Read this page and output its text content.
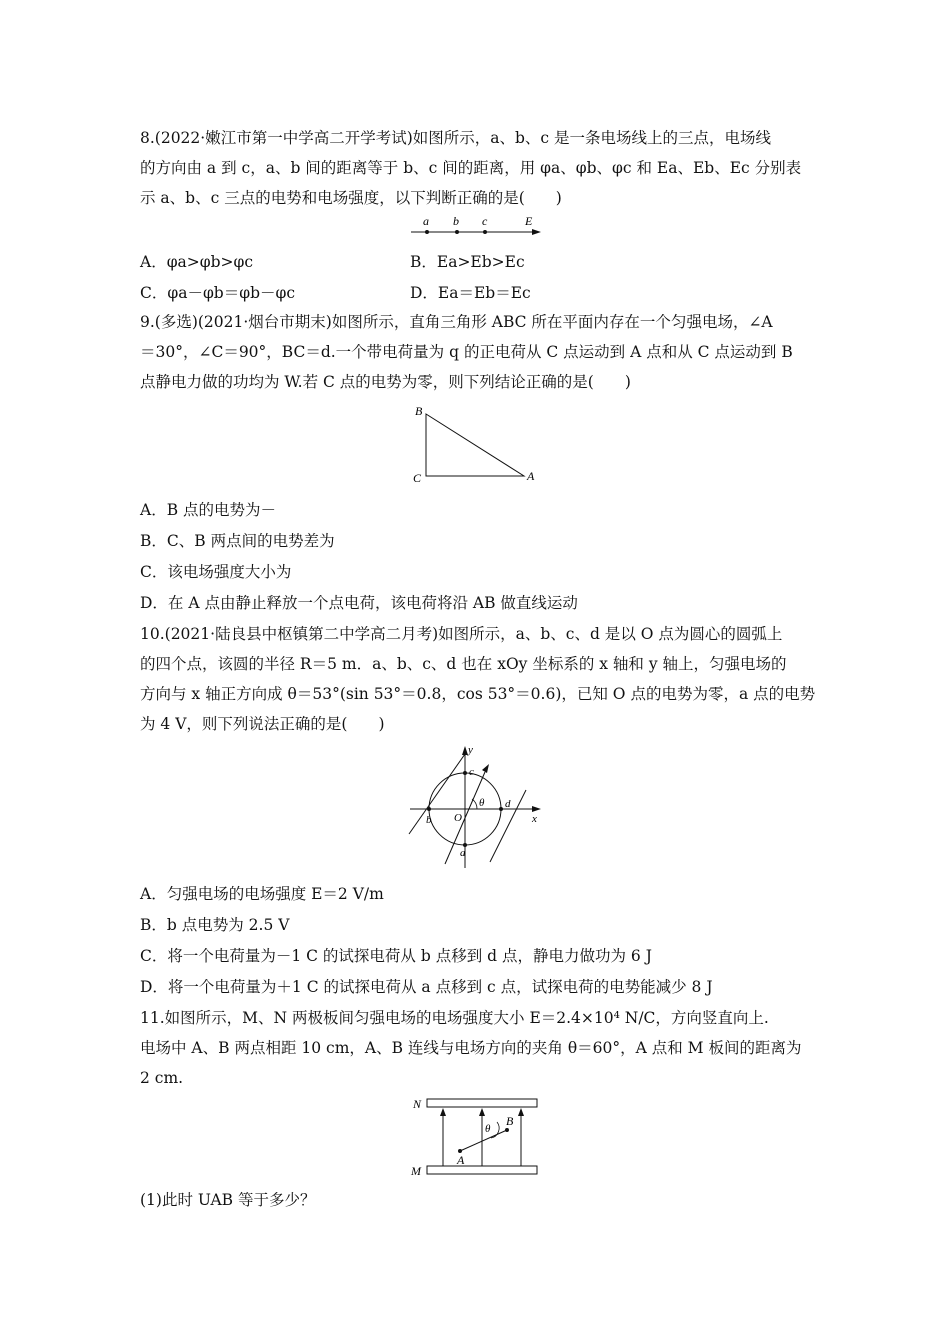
8.(2022·嫩江市第一中学高二开学考试)如图所示，a、b、c 是一条电场线上的三点，电场线
的方向由 a 到 c，a、b 间的距离等于 b、c 间的距离，用 φa、φb、φc 和 Ea、Eb、Ec 分别表
示 a、b、c 三点的电势和电场强度，以下判断正确的是(　　)
a b c	E
A．φa>φb>φc	B．Ea>Eb>Ec
C．φa－φb＝φb－φc	D．Ea＝Eb＝Ec
9.(多选)(2021·烟台市期末)如图所示，直角三角形 ABC 所在平面内存在一个匀强电场，∠A
＝30°，∠C＝90°，BC＝d.一个带电荷量为 q 的正电荷从 C 点运动到 A 点和从 C 点运动到 B
点静电力做的功均为 W.若 C 点的电势为零，则下列结论正确的是(　　)
B
C	A
A．B 点的电势为－
B．C、B 两点间的电势差为
C．该电场强度大小为
D．在 A 点由静止释放一个点电荷，该电荷将沿 AB 做直线运动
10.(2021·陆良县中枢镇第二中学高二月考)如图所示，a、b、c、d 是以 O 点为圆心的圆弧上
的四个点，该圆的半径 R＝5 m．a、b、c、d 也在 xOy 坐标系的 x 轴和 y 轴上，匀强电场的
方向与 x 轴正方向成 θ＝53°(sin 53°＝0.8，cos 53°＝0.6)，已知 O 点的电势为零，a 点的电势
为 4 V，则下列说法正确的是(　　)
y
c
θ d
b O	x
a
A．匀强电场的电场强度 E＝2 V/m
B．b 点电势为 2.5 V
C．将一个电荷量为－1 C 的试探电荷从 b 点移到 d 点，静电力做功为 6 J
D．将一个电荷量为＋1 C 的试探电荷从 a 点移到 c 点，试探电荷的电势能减少 8 J
11.如图所示，M、N 两极板间匀强电场的电场强度大小 E＝2.4×10⁴ N/C，方向竖直向上.
电场中 A、B 两点相距 10 cm，A、B 连线与电场方向的夹角 θ＝60°，A 点和 M 板间的距离为
2 cm.
N
B
θ
A
M
(1)此时 UAB 等于多少？
